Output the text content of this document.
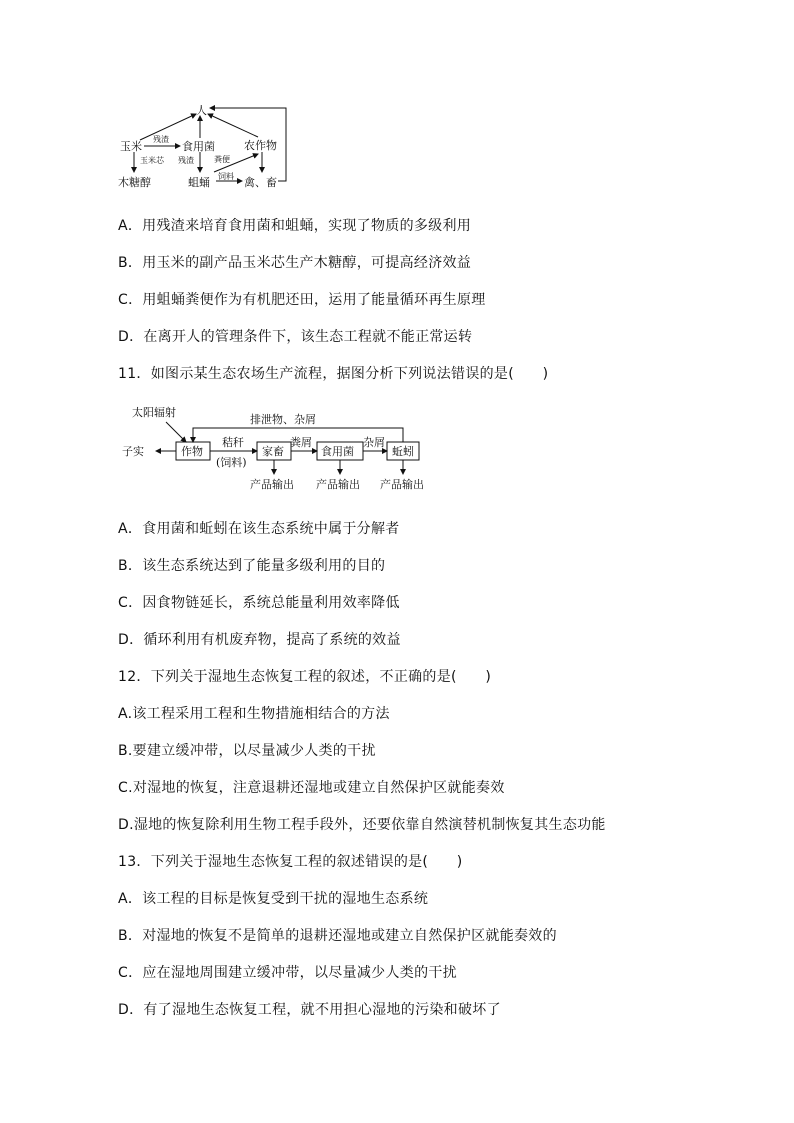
人
玉米	食用菌	农作物
木糖醇	蛆蛹	禽、畜
残渣
玉米芯 残渣	粪便
饲料
A．用残渣来培育食用菌和蛆蛹，实现了物质的多级利用
B．用玉米的副产品玉米芯生产木糖醇，可提高经济效益
C．用蛆蛹粪便作为有机肥还田，运用了能量循环再生原理
D．在离开人的管理条件下，该生态工程就不能正常运转
11．如图示某生态农场生产流程，据图分析下列说法错误的是(　　)
太阳辐射
排泄物、杂屑
子实	作物
秸秆
(饲料)
家畜
粪屑
食用菌
杂屑
蚯蚓
产品输出 产品输出 产品输出
A．食用菌和蚯蚓在该生态系统中属于分解者
B．该生态系统达到了能量多级利用的目的
C．因食物链延长，系统总能量利用效率降低
D．循环利用有机废弃物，提高了系统的效益
12．下列关于湿地生态恢复工程的叙述，不正确的是(　　)
A.该工程采用工程和生物措施相结合的方法
B.要建立缓冲带，以尽量减少人类的干扰
C.对湿地的恢复，注意退耕还湿地或建立自然保护区就能奏效
D.湿地的恢复除利用生物工程手段外，还要依靠自然演替机制恢复其生态功能
13．下列关于湿地生态恢复工程的叙述错误的是(　　)
A．该工程的目标是恢复受到干扰的湿地生态系统
B．对湿地的恢复不是简单的退耕还湿地或建立自然保护区就能奏效的
C．应在湿地周围建立缓冲带，以尽量减少人类的干扰
D．有了湿地生态恢复工程，就不用担心湿地的污染和破坏了
